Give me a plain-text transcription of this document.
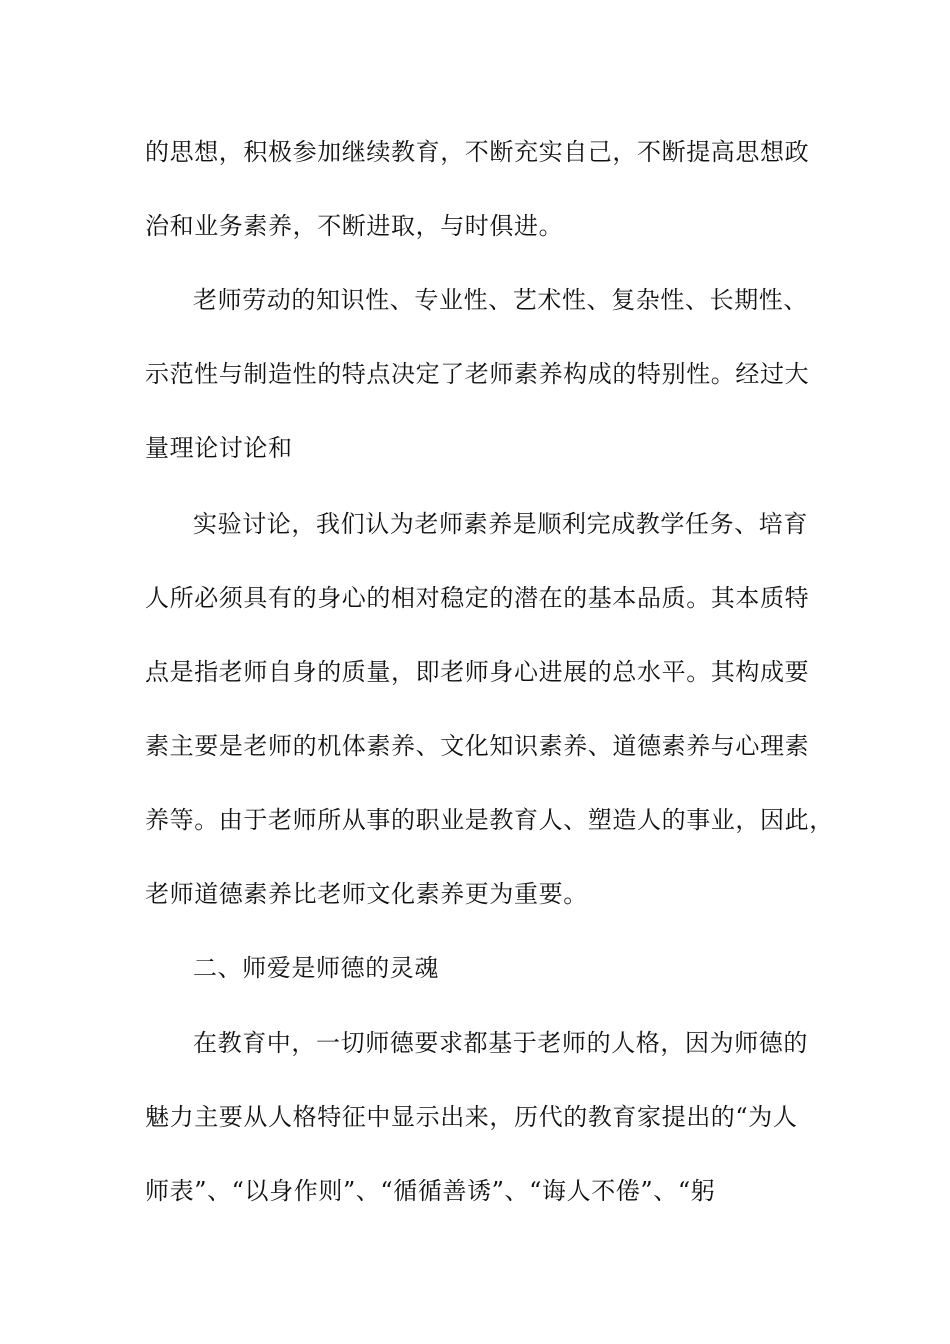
的思想，积极参加继续教育，不断充实自己，不断提高思想政
治和业务素养，不断进取，与时俱进。
老师劳动的知识性、专业性、艺术性、复杂性、长期性、
示范性与制造性的特点决定了老师素养构成的特别性。经过大
量理论讨论和
实验讨论，我们认为老师素养是顺利完成教学任务、培育
人所必须具有的身心的相对稳定的潜在的基本品质。其本质特
点是指老师自身的质量，即老师身心进展的总水平。其构成要
素主要是老师的机体素养、文化知识素养、道德素养与心理素
养等。由于老师所从事的职业是教育人、塑造人的事业，因此，
老师道德素养比老师文化素养更为重要。
二、师爱是师德的灵魂
在教育中，一切师德要求都基于老师的人格，因为师德的
魅力主要从人格特征中显示出来，历代的教育家提出的“为人
师表”、“以身作则”、“循循善诱”、“诲人不倦”、“躬
